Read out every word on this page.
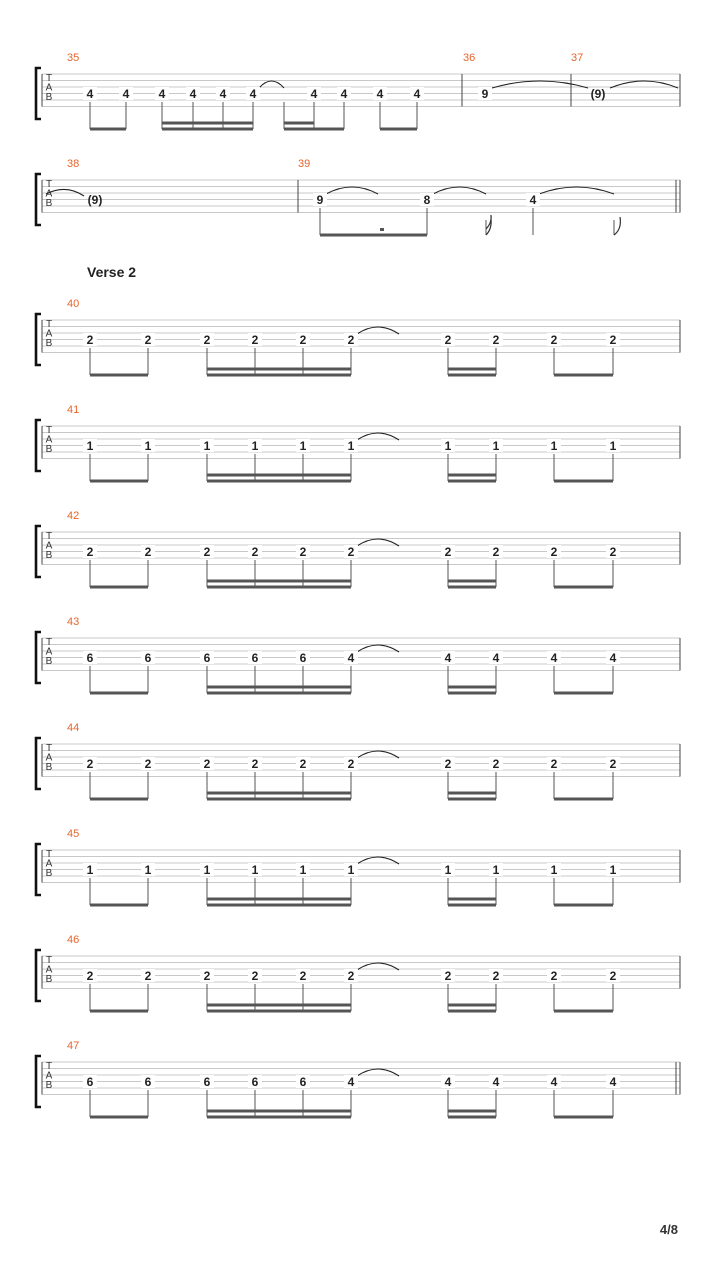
T
A
B
35	36	37
4 4 4 4 4 4	4 4 4	4	9	(9)
T
A
B
38	39
(9)	9	8	4
T
A
B
40
2	2	2	2	2	2	2	2	2	2
T
A
B
41
1	1	1	1	1	1	1	1	1	1
T
A
B
42
2	2	2	2	2	2	2	2	2	2
T
A
B
43
6	6	6	6	6	4	4	4	4	4
T
A
B
44
2	2	2	2	2	2	2	2	2	2
T
A
B
45
1	1	1	1	1	1	1	1	1	1
T
A
B
46
2	2	2	2	2	2	2	2	2	2
T
A
B
47
6	6	6	6	6	4	4	4	4	4
Verse 2
4/8
